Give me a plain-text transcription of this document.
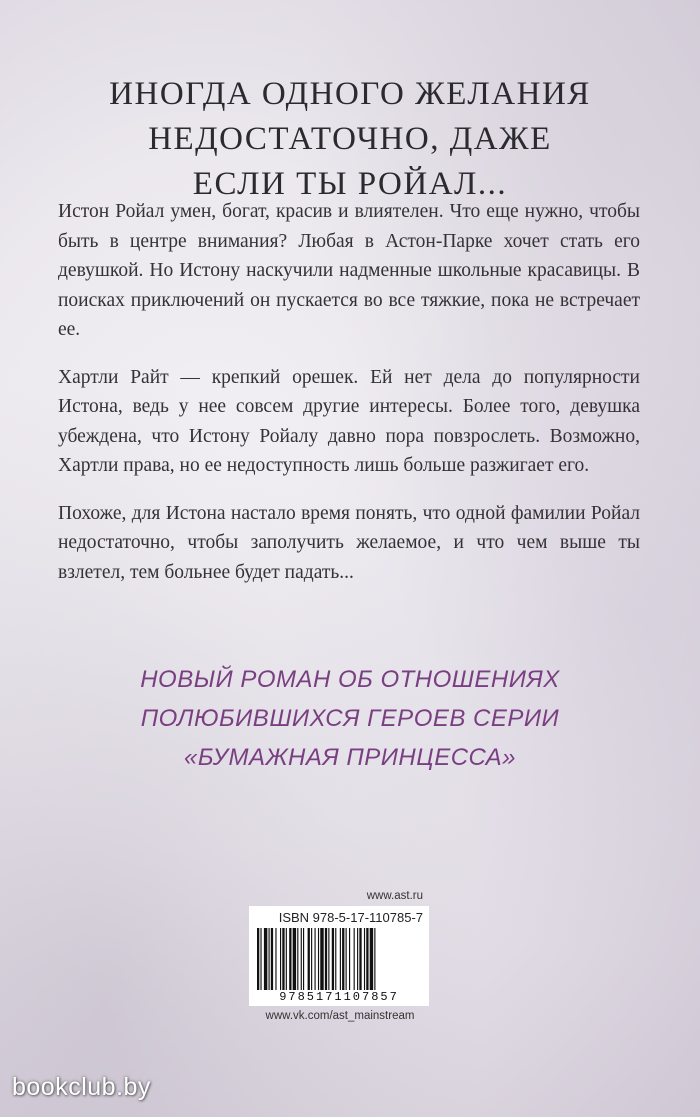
ИНОГДА ОДНОГО ЖЕЛАНИЯ
НЕДОСТАТОЧНО, ДАЖЕ
ЕСЛИ ТЫ РОЙАЛ...

Истон Ройал умен, богат, красив и влиятелен. Что еще нужно, чтобы быть в центре внимания? Любая в Астон-Парке хочет стать его девушкой. Но Истону наскучили надменные школьные красавицы. В поисках приключений он пускается во все тяжкие, пока не встречает ее.

Хартли Райт — крепкий орешек. Ей нет дела до популярности Истона, ведь у нее совсем другие интересы. Более того, девушка убеждена, что Истону Ройалу давно пора повзрослеть. Возможно, Хартли права, но ее недоступность лишь больше разжигает его.

Похоже, для Истона настало время понять, что одной фамилии Ройал недостаточно, чтобы заполучить желаемое, и что чем выше ты взлетел, тем больнее будет падать...

НОВЫЙ РОМАН ОБ ОТНОШЕНИЯХ
ПОЛЮБИВШИХСЯ ГЕРОЕВ СЕРИИ
«БУМАЖНАЯ ПРИНЦЕССА»
www.ast.ru
ISBN 978-5-17-110785-7
9785171107857
www.vk.com/ast_mainstream
bookclub.by
